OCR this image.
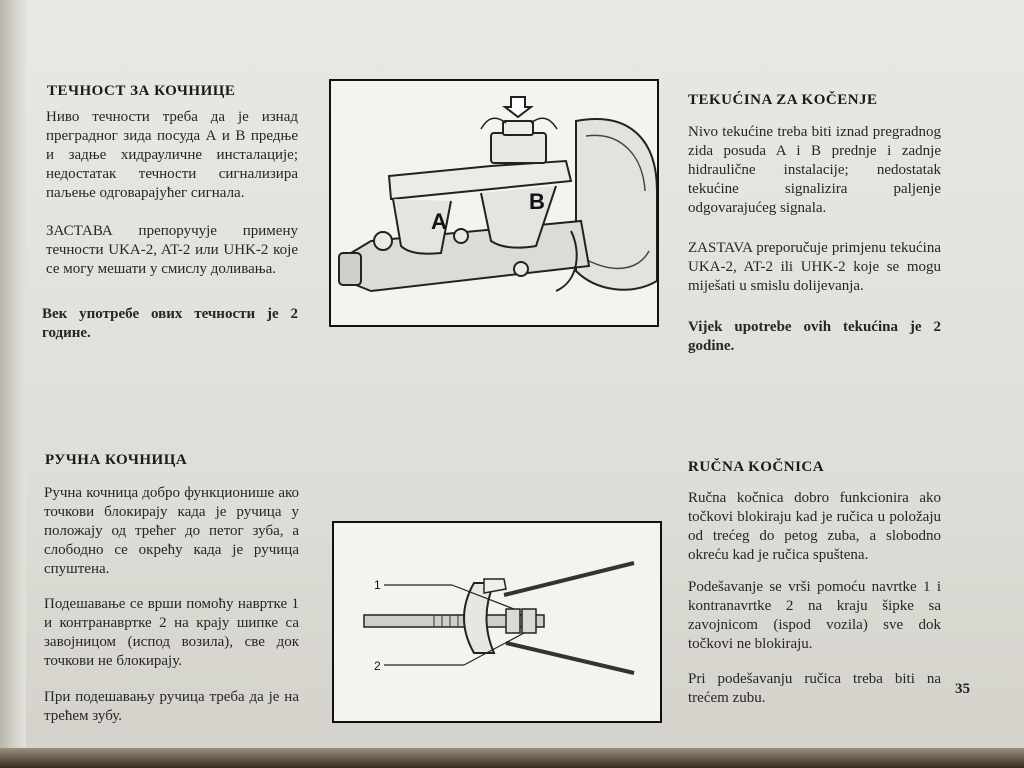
ТЕЧНОСТ ЗА КОЧНИЦЕ

Ниво течности треба да је изнад преградног зида посуда А и В предње и задње хидрауличне инсталације; недостатак течности сигнализира паљење одговарајућег сигнала.

ЗАСТАВА препоручује примену течности UKA-2, AT-2 или UHK-2 које се могу мешати у смислу доливања.

Век употребе ових течности је 2 године.

РУЧНА КОЧНИЦА

Ручна кочница добро функционише ако точкови блокирају када је ручица у положају од трећег до петог зуба, а слободно се окрећу када је ручица спуштена.

Подешавање се врши помоћу навртке 1 и контранавртке 2 на крају шипке са завојницом (испод возила), све док точкови не блокирају.

При подешавању ручица треба да је на трећем зубу.

A
B
1
2
TEKUĆINA ZA KOČENJE

Nivo tekućine treba biti iznad pregradnog zida posuda A i B prednje i zadnje hidraulične instalacije; nedostatak tekućine signalizira paljenje odgovarajućeg signala.

ZASTAVA preporučuje primjenu tekućina UKA-2, AT-2 ili UHK-2 koje se mogu miješati u smislu dolijevanja.

Vijek upotrebe ovih tekućina je 2 godine.

RUČNA KOČNICA

Ručna kočnica dobro funkcionira ako točkovi blokiraju kad je ručica u položaju od trećeg do petog zuba, a slobodno okreću kad je ručica spuštena.

Podešavanje se vrši pomoću navrtke 1 i kontranavrtke 2 na kraju šipke sa zavojnicom (ispod vozila) sve dok točkovi ne blokiraju.

Pri podešavanju ručica treba biti na trećem zubu.

35
